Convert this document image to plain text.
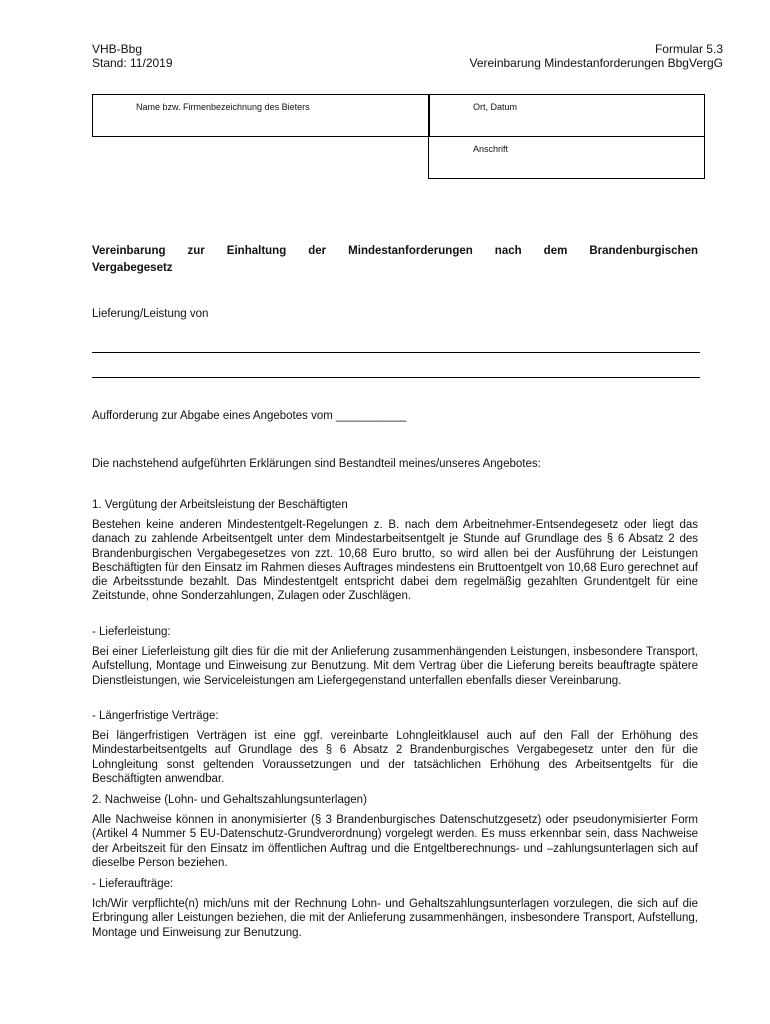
VHB-Bbg
Stand: 11/2019
Formular 5.3
Vereinbarung Mindestanforderungen BbgVergG
Name bzw. Firmenbezeichnung des Bieters	Ort, Datum
Anschrift
Vereinbarung zur Einhaltung der Mindestanforderungen nach dem Brandenburgischen
Vergabegesetz
Lieferung/Leistung von
Aufforderung zur Abgabe eines Angebotes vom ___________
Die nachstehend aufgeführten Erklärungen sind Bestandteil meines/unseres Angebotes:
1. Vergütung der Arbeitsleistung der Beschäftigten
Bestehen keine anderen Mindestentgelt-Regelungen z. B. nach dem Arbeitnehmer-Entsendegesetz oder liegt das danach zu zahlende Arbeitsentgelt unter dem Mindestarbeitsentgelt je Stunde auf Grundlage des § 6 Absatz 2 des Brandenburgischen Vergabegesetzes von zzt. 10,68 Euro brutto, so wird allen bei der Ausführung der Leistungen Beschäftigten für den Einsatz im Rahmen dieses Auftrages mindestens ein Bruttoentgelt von 10,68 Euro gerechnet auf die Arbeitsstunde bezahlt. Das Mindestentgelt entspricht dabei dem regelmäßig gezahlten Grundentgelt für eine Zeitstunde, ohne Sonderzahlungen, Zulagen oder Zuschlägen.
- Lieferleistung:
Bei einer Lieferleistung gilt dies für die mit der Anlieferung zusammenhängenden Leistungen, insbesondere Transport, Aufstellung, Montage und Einweisung zur Benutzung. Mit dem Vertrag über die Lieferung bereits beauftragte spätere Dienstleistungen, wie Serviceleistungen am Liefergegenstand unterfallen ebenfalls dieser Vereinbarung.
- Längerfristige Verträge:
Bei längerfristigen Verträgen ist eine ggf. vereinbarte Lohngleitklausel auch auf den Fall der Erhöhung des Mindestarbeitsentgelts auf Grundlage des § 6 Absatz 2 Brandenburgisches Vergabegesetz unter den für die Lohngleitung sonst geltenden Voraussetzungen und der tatsächlichen Erhöhung des Arbeitsentgelts für die Beschäftigten anwendbar.
2. Nachweise (Lohn- und Gehaltszahlungsunterlagen)
Alle Nachweise können in anonymisierter (§ 3 Brandenburgisches Datenschutzgesetz) oder pseudonymisierter Form (Artikel 4 Nummer 5 EU-Datenschutz-Grundverordnung) vorgelegt werden. Es muss erkennbar sein, dass Nachweise der Arbeitszeit für den Einsatz im öffentlichen Auftrag und die Entgeltberechnungs- und –zahlungsunterlagen sich auf dieselbe Person beziehen.
- Lieferaufträge:
Ich/Wir verpflichte(n) mich/uns mit der Rechnung Lohn- und Gehaltszahlungsunterlagen vorzulegen, die sich auf die Erbringung aller Leistungen beziehen, die mit der Anlieferung zusammenhängen, insbesondere Transport, Aufstellung, Montage und Einweisung zur Benutzung.
